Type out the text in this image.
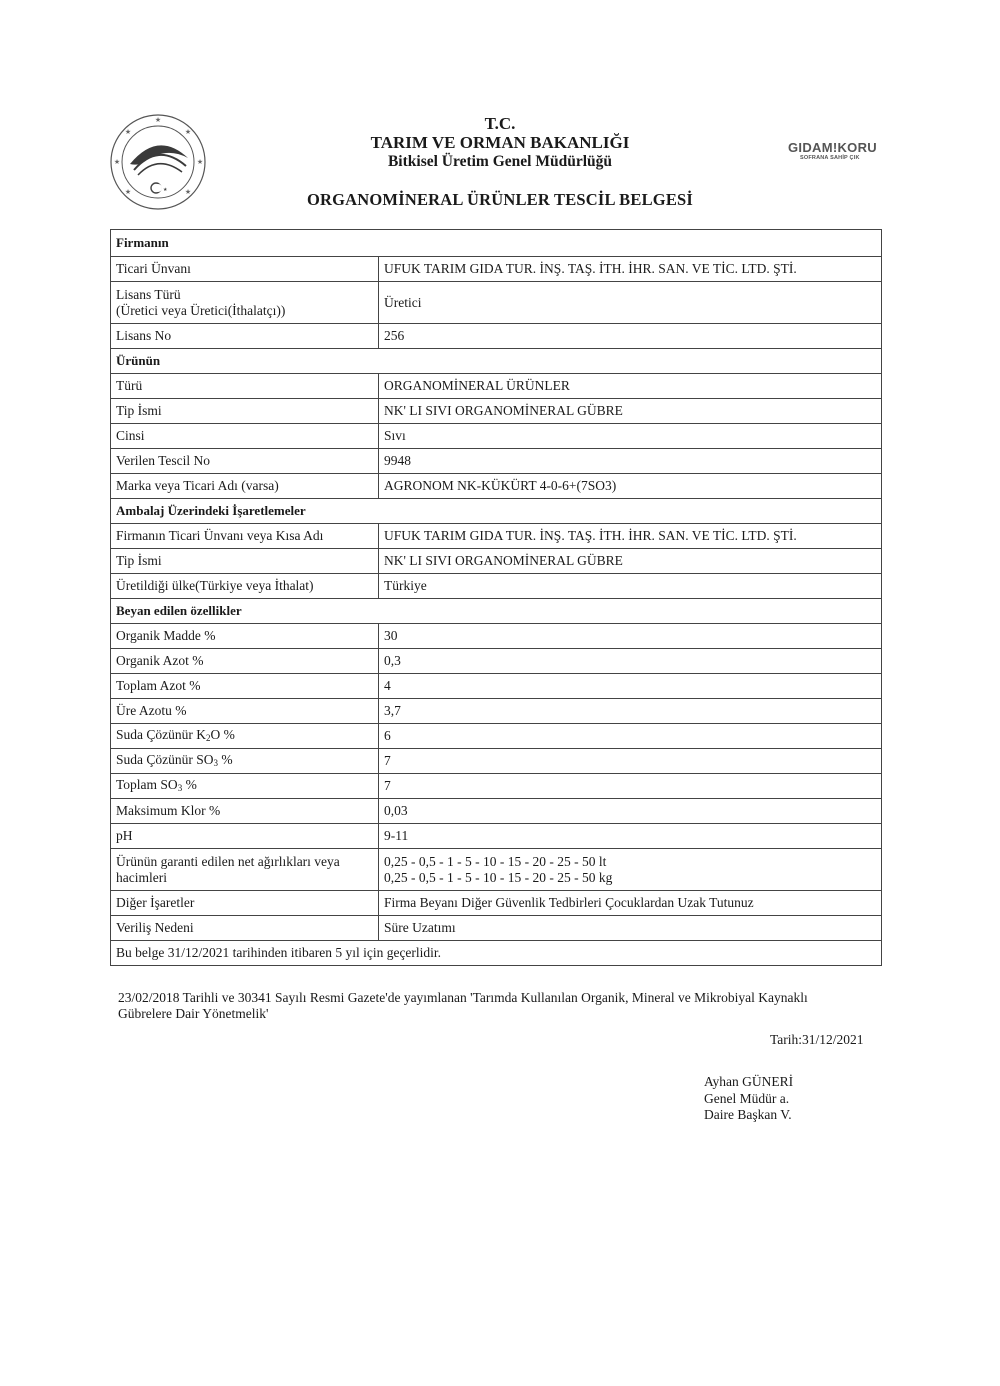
★
★
★
★
★
★
★	★
T.C.
TARIM VE ORMAN BAKANLIĞI
Bitkisel Üretim Genel Müdürlüğü
ORGANOMİNERAL ÜRÜNLER TESCİL BELGESİ
GIDAM!KORU
SOFRANA SAHİP ÇIK
Firmanın	
Ticari Ünvanı	UFUK TARIM GIDA TUR. İNŞ. TAŞ. İTH. İHR. SAN. VE TİC. LTD. ŞTİ.

Lisans Türü
(Üretici veya Üretici(İthalatçı))	Üretici
Lisans No	256
Ürünün	
Türü	ORGANOMİNERAL ÜRÜNLER
Tip İsmi	NK' LI SIVI ORGANOMİNERAL GÜBRE
Cinsi	Sıvı
Verilen Tescil No	9948
Marka veya Ticari Adı (varsa)	AGRONOM NK-KÜKÜRT 4-0-6+(7SO3)
Ambalaj Üzerindeki İşaretlemeler	
Firmanın Ticari Ünvanı veya Kısa Adı	UFUK TARIM GIDA TUR. İNŞ. TAŞ. İTH. İHR. SAN. VE TİC. LTD. ŞTİ.
Tip İsmi	NK' LI SIVI ORGANOMİNERAL GÜBRE
Üretildiği ülke(Türkiye veya İthalat)	Türkiye
Beyan edilen özellikler	
Organik Madde %	30
Organik Azot %	0,3
Toplam Azot %	4
Üre Azotu %	3,7
Suda Çözünür $K_2O$ %	6
Suda Çözünür $SO_3$ %	7
Toplam $SO_3$ %	7
Maksimum Klor %	0,03
pH	9-11
Ürünün garanti edilen net ağırlıkları veya hacimleri	0,25 - 0,5 - 1 - 5 - 10 - 15 - 20 - 25 - 50 lt
0,25 - 0,5 - 1 - 5 - 10 - 15 - 20 - 25 - 50 kg

Diğer İşaretler	Firma Beyanı Diğer Güvenlik Tedbirleri Çocuklardan Uzak Tutunuz
Veriliş Nedeni	Süre Uzatımı
Bu belge 31/12/2021 tarihinden itibaren 5 yıl için geçerlidir.	
23/02/2018 Tarihli ve 30341 Sayılı Resmi Gazete'de yayımlanan 'Tarımda Kullanılan Organik, Mineral ve Mikrobiyal Kaynaklı Gübrelere Dair Yönetmelik'
Tarih:31/12/2021
Ayhan GÜNERİ
Genel Müdür a.
Daire Başkan V.
